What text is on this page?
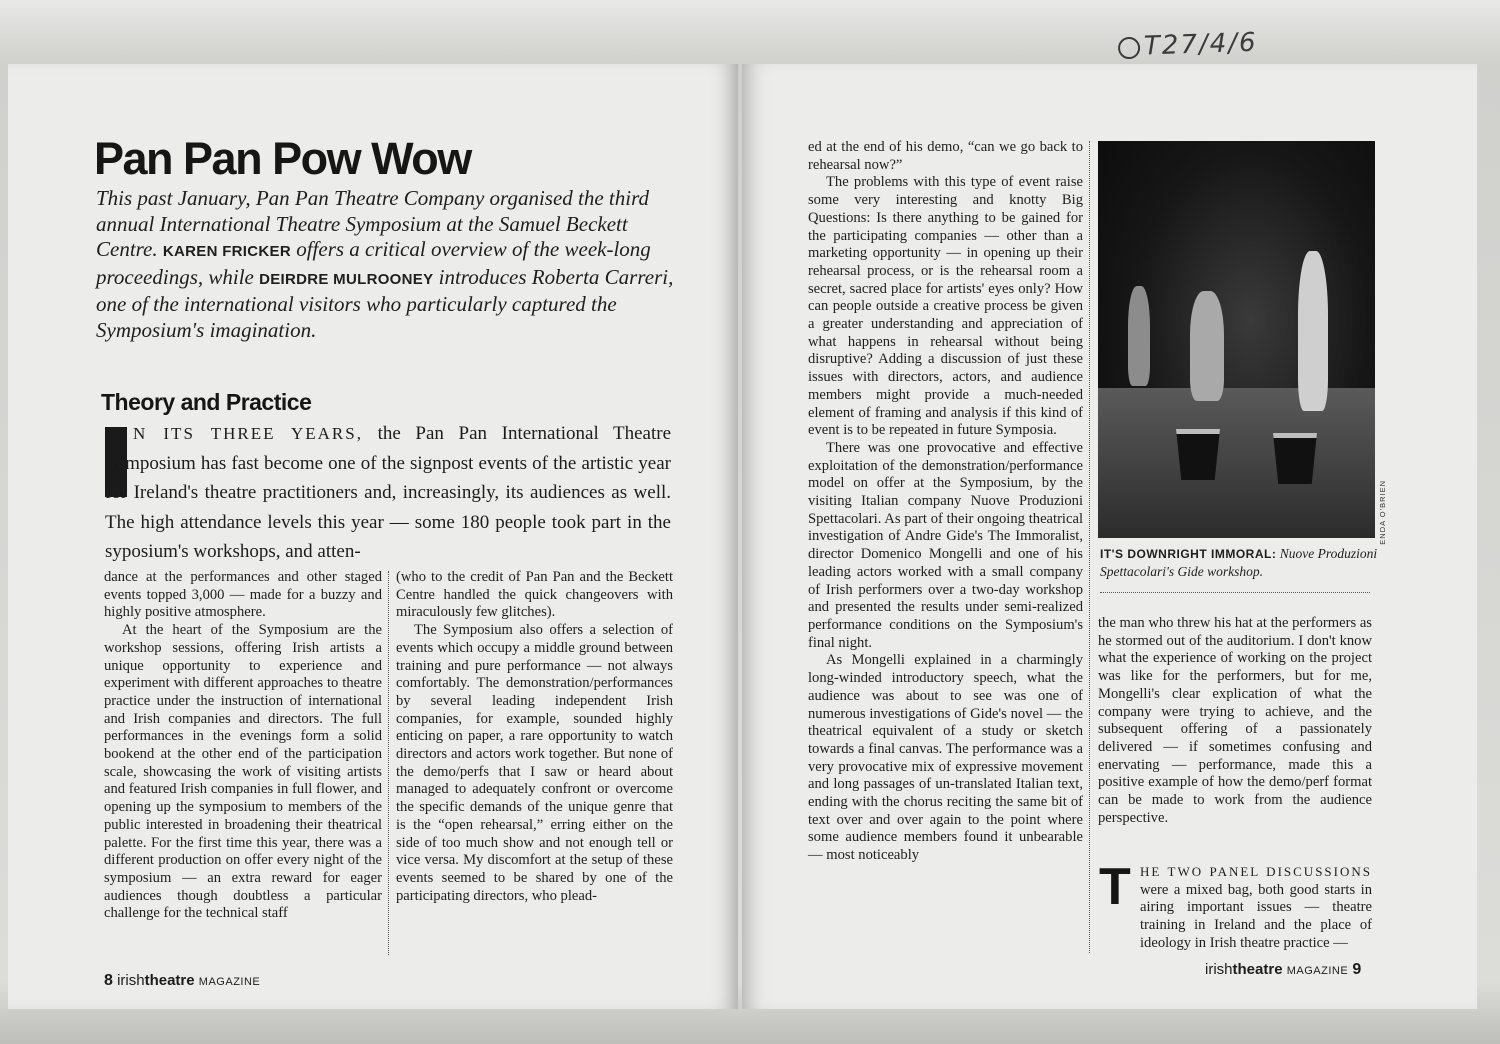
T27/4/6
Pan Pan Pow Wow
This past January, Pan Pan Theatre Company organised the third annual International Theatre Symposium at the Samuel Beckett Centre. KAREN FRICKER offers a critical overview of the week-long proceedings, while DEIRDRE MULROONEY introduces Roberta Carreri, one of the international visitors who particularly captured the Symposium's imagination.
Theory and Practice
N ITS THREE YEARS, the Pan Pan International Theatre Symposium has fast become one of the signpost events of the artistic year for Ireland's theatre practitioners and, increasingly, its audiences as well. The high attendance levels this year — some 180 people took part in the syposium's workshops, and atten-

dance at the performances and other staged events topped 3,000 — made for a buzzy and highly positive atmosphere.

At the heart of the Symposium are the workshop sessions, offering Irish artists a unique opportunity to experience and experiment with different approaches to theatre practice under the instruction of international and Irish companies and directors. The full performances in the evenings form a solid bookend at the other end of the participation scale, showcasing the work of visiting artists and featured Irish companies in full flower, and opening up the symposium to members of the public interested in broadening their theatrical palette. For the first time this year, there was a different production on offer every night of the symposium — an extra reward for eager audiences though doubtless a particular challenge for the technical staff

(who to the credit of Pan Pan and the Beckett Centre handled the quick changeovers with miraculously few glitches).

The Symposium also offers a selection of events which occupy a middle ground between training and pure performance — not always comfortably. The demonstration/performances by several leading independent Irish companies, for example, sounded highly enticing on paper, a rare opportunity to watch directors and actors work together. But none of the demo/perfs that I saw or heard about managed to adequately confront or overcome the specific demands of the unique genre that is the “open rehearsal,” erring either on the side of too much show and not enough tell or vice versa. My discomfort at the setup of these events seemed to be shared by one of the participating directors, who plead-

ed at the end of his demo, “can we go back to rehearsal now?”

The problems with this type of event raise some very interesting and knotty Big Questions: Is there anything to be gained for the participating companies — other than a marketing opportunity — in opening up their rehearsal process, or is the rehearsal room a secret, sacred place for artists' eyes only? How can people outside a creative process be given a greater understanding and appreciation of what happens in rehearsal without being disruptive? Adding a discussion of just these issues with directors, actors, and audience members might provide a much-needed element of framing and analysis if this kind of event is to be repeated in future Symposia.

There was one provocative and effective exploitation of the demonstration/performance model on offer at the Symposium, by the visiting Italian company Nuove Produzioni Spettacolari. As part of their ongoing theatrical investigation of Andre Gide's The Immoralist, director Domenico Mongelli and one of his leading actors worked with a small company of Irish performers over a two-day workshop and presented the results under semi-realized performance conditions on the Symposium's final night.

As Mongelli explained in a charmingly long-winded introductory speech, what the audience was about to see was one of numerous investigations of Gide's novel — the theatrical equivalent of a study or sketch towards a final canvas. The performance was a very provocative mix of expressive movement and long passages of un-translated Italian text, ending with the chorus reciting the same bit of text over and over again to the point where some audience members found it unbearable — most noticeably

ENDA O'BRIEN
IT'S DOWNRIGHT IMMORAL: Nuove Produzioni Spettacolari's Gide workshop.

the man who threw his hat at the performers as he stormed out of the auditorium. I don't know what the experience of working on the project was like for the performers, but for me, Mongelli's clear explication of what the company were trying to achieve, and the subsequent offering of a passionately delivered — if sometimes confusing and enervating — performance, made this a positive example of how the demo/perf format can be made to work from the audience perspective.

T HE TWO PANEL DISCUSSIONS were a mixed bag, both good starts in airing important issues — theatre training in Ireland and the place of ideology in Irish theatre practice —

8 irishtheatre MAGAZINE
irishtheatre MAGAZINE 9
